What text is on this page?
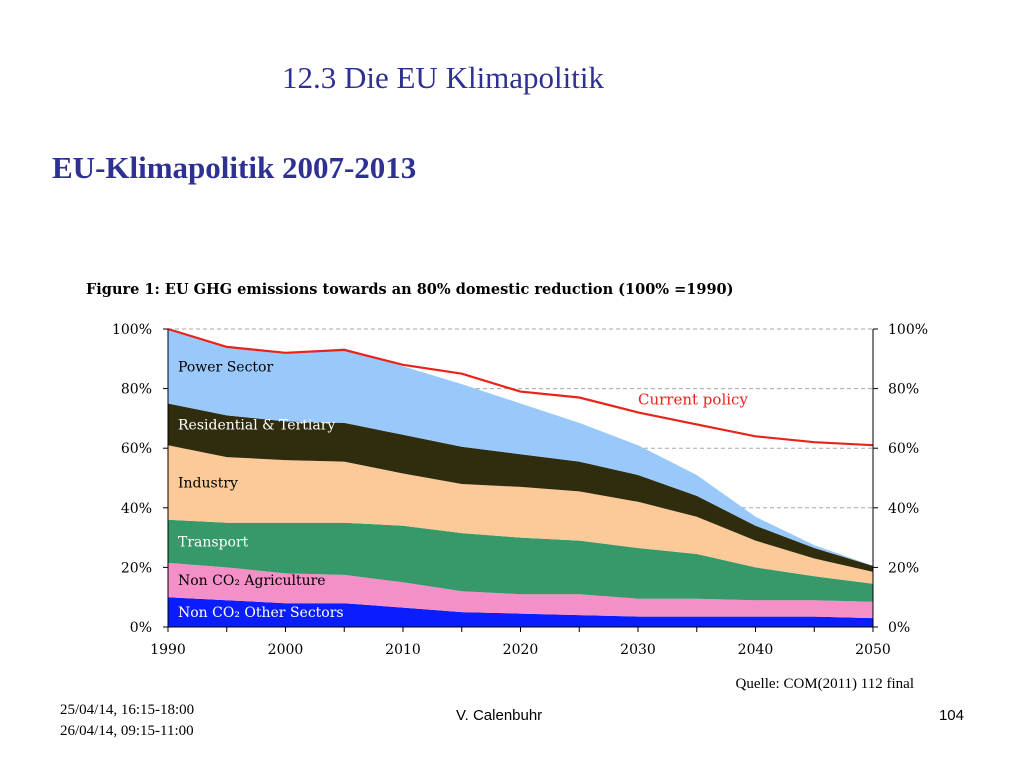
12.3 Die EU Klimapolitik
EU-Klimapolitik 2007-2013
Figure 1: EU GHG emissions towards an 80% domestic reduction (100% =1990)
Non CO₂ Other Sectors
Non CO₂ Agriculture
Transport
Industry
Residential & Tertiary
Power Sector
Current policy
0%	0%
20%	20%
40%	40%
60%	60%
80%	80%
100%	100%
1990	2000	2010	2020	2030	2040	2050
Quelle: COM(2011) 112 final
25/04/14, 16:15-18:00
26/04/14, 09:15-11:00
V. Calenbuhr	104
